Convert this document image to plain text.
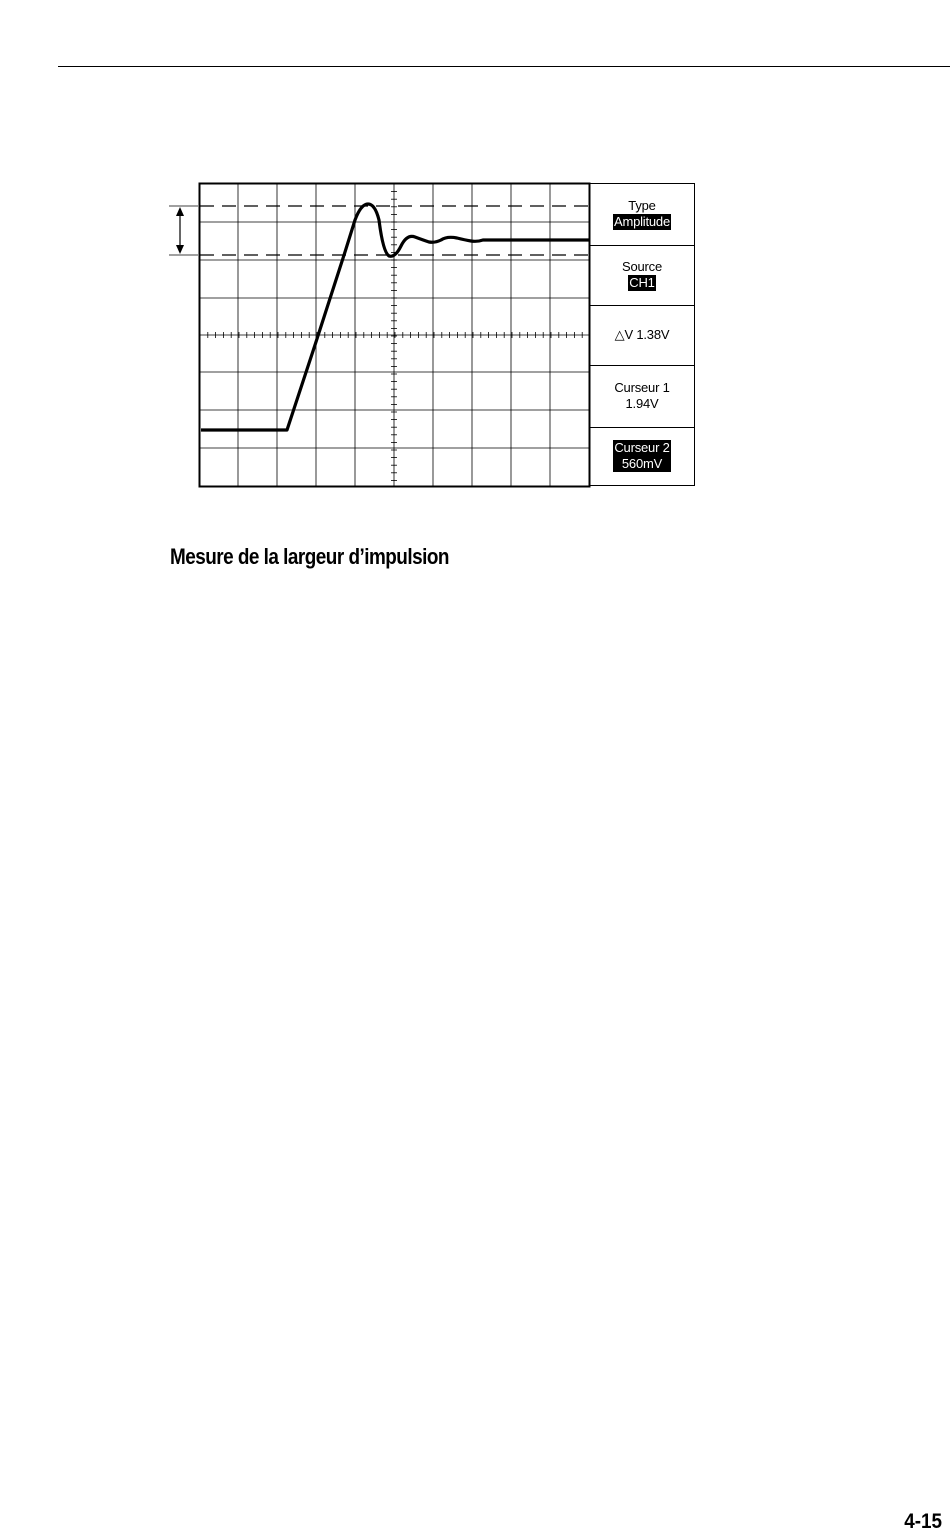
Type
Amplitude
Source
CH1
△V 1.38V
Curseur 1
1.94V
Curseur 2
560mV
Mesure de la largeur d’impulsion
4-15
